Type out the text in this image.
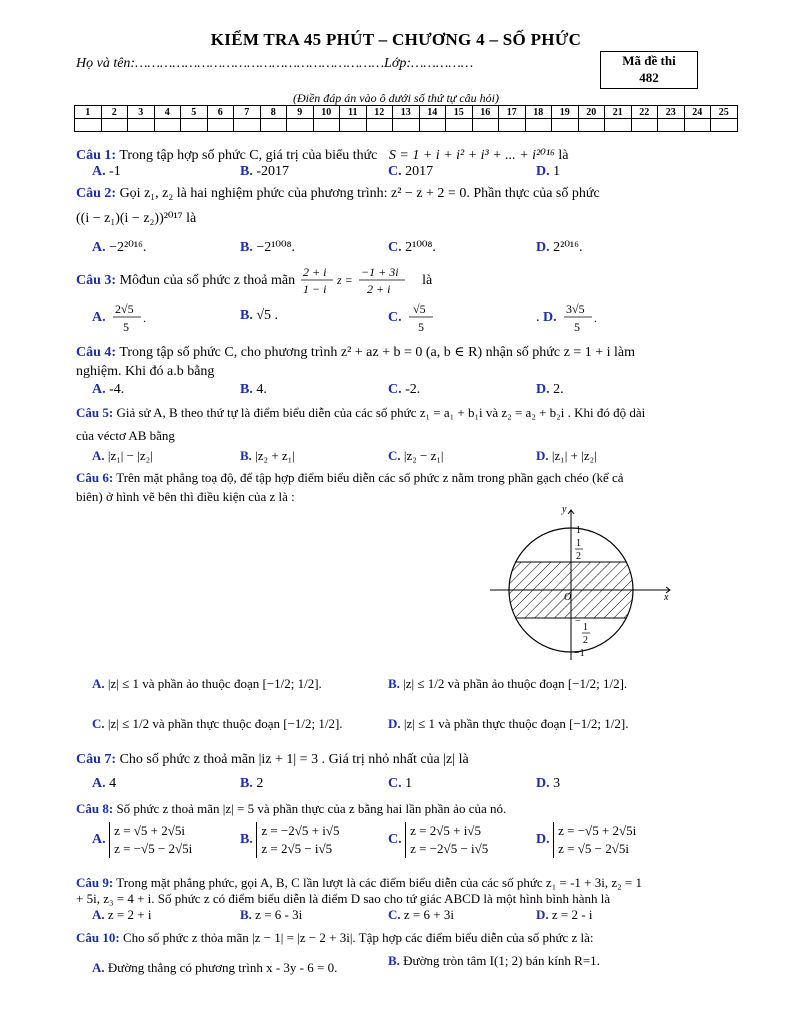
KIỂM TRA 45 PHÚT – CHƯƠNG 4 – SỐ PHỨC
Họ và tên:……………………………………………………Lớp:……………	Mã đề thi
482
(Điền đáp án vào ô dưới số thứ tự câu hỏi)
1	2	3	4	5	6	7	8	9	10	11	12	13	14	15	16	17	18	19	20	21	22	23	24	25

Câu 1: Trong tập hợp số phức C, giá trị của biểu thức S = 1 + i + i² + i³ + ... + i²⁰¹⁶ là
A. -1	B. -2017	C. 2017	D. 1
Câu 2: Gọi z₁, z₂ là hai nghiệm phức của phương trình: z² − z + 2 = 0. Phần thực của số phức
((i − z₁)(i − z₂))²⁰¹⁷ là
A. −2²⁰¹⁶.	B. −2¹⁰⁰⁸.	C. 2¹⁰⁰⁸.	D. 2²⁰¹⁶.
Câu 3: Môđun của số phức z thoả mãn
2 + i
1 − i
z =
−1 + 3i
2 + i
là
A.
2√5
5
.	B. √5 .	C.
√5
5
. D.
3√5
5
.
Câu 4: Trong tập số phức C, cho phương trình z² + az + b = 0 (a, b ∈ R) nhận số phức z = 1 + i làm
nghiệm. Khi đó a.b bằng
A. -4.	B. 4.	C. -2.	D. 2.
Câu 5: Giả sử A, B theo thứ tự là điểm biểu diễn của các số phức z₁ = a₁ + b₁i và z₂ = a₂ + b₂i . Khi đó độ dài
của véctơ AB bằng
A. |z₁| − |z₂|	B. |z₂ + z₁|	C. |z₂ − z₁|	D. |z₁| + |z₂|
Câu 6: Trên mặt phẳng toạ độ, để tập hợp điểm biểu diễn các số phức z nằm trong phần gạch chéo (kể cả
biên) ở hình vẽ bên thì điều kiện của z là :
y
x
O
1
1
2
−
1
2
−1
A. |z| ≤ 1 và phần ảo thuộc đoạn [−1/2; 1/2].	B. |z| ≤ 1/2 và phần ảo thuộc đoạn [−1/2; 1/2].
C. |z| ≤ 1/2 và phần thực thuộc đoạn [−1/2; 1/2].	D. |z| ≤ 1 và phần thực thuộc đoạn [−1/2; 1/2].
Câu 7: Cho số phức z thoả mãn |iz + 1| = 3 . Giá trị nhỏ nhất của |z| là
A. 4	B. 2	C. 1	D. 3
Câu 8: Số phức z thoả mãn |z| = 5 và phần thực của z bằng hai lần phần ảo của nó.
A.
z = √5 + 2√5i
z = −√5 − 2√5i
B.
z = −2√5 + i√5
z = 2√5 − i√5
C.
z = 2√5 + i√5
z = −2√5 − i√5
D.
z = −√5 + 2√5i
z = √5 − 2√5i
Câu 9: Trong mặt phẳng phức, gọi A, B, C lần lượt là các điểm biểu diễn của các số phức z₁ = -1 + 3i, z₂ = 1
+ 5i, z₃ = 4 + i. Số phức z có điểm biểu diễn là điểm D sao cho tứ giác ABCD là một hình bình hành là
A. z = 2 + i	B. z = 6 - 3i	C. z = 6 + 3i	D. z = 2 - i
Câu 10: Cho số phức z thỏa mãn |z − 1| = |z − 2 + 3i|. Tập hợp các điểm biểu diễn của số phức z là:
A. Đường thẳng có phương trình x - 3y - 6 = 0.	B. Đường tròn tâm I(1; 2) bán kính R=1.
